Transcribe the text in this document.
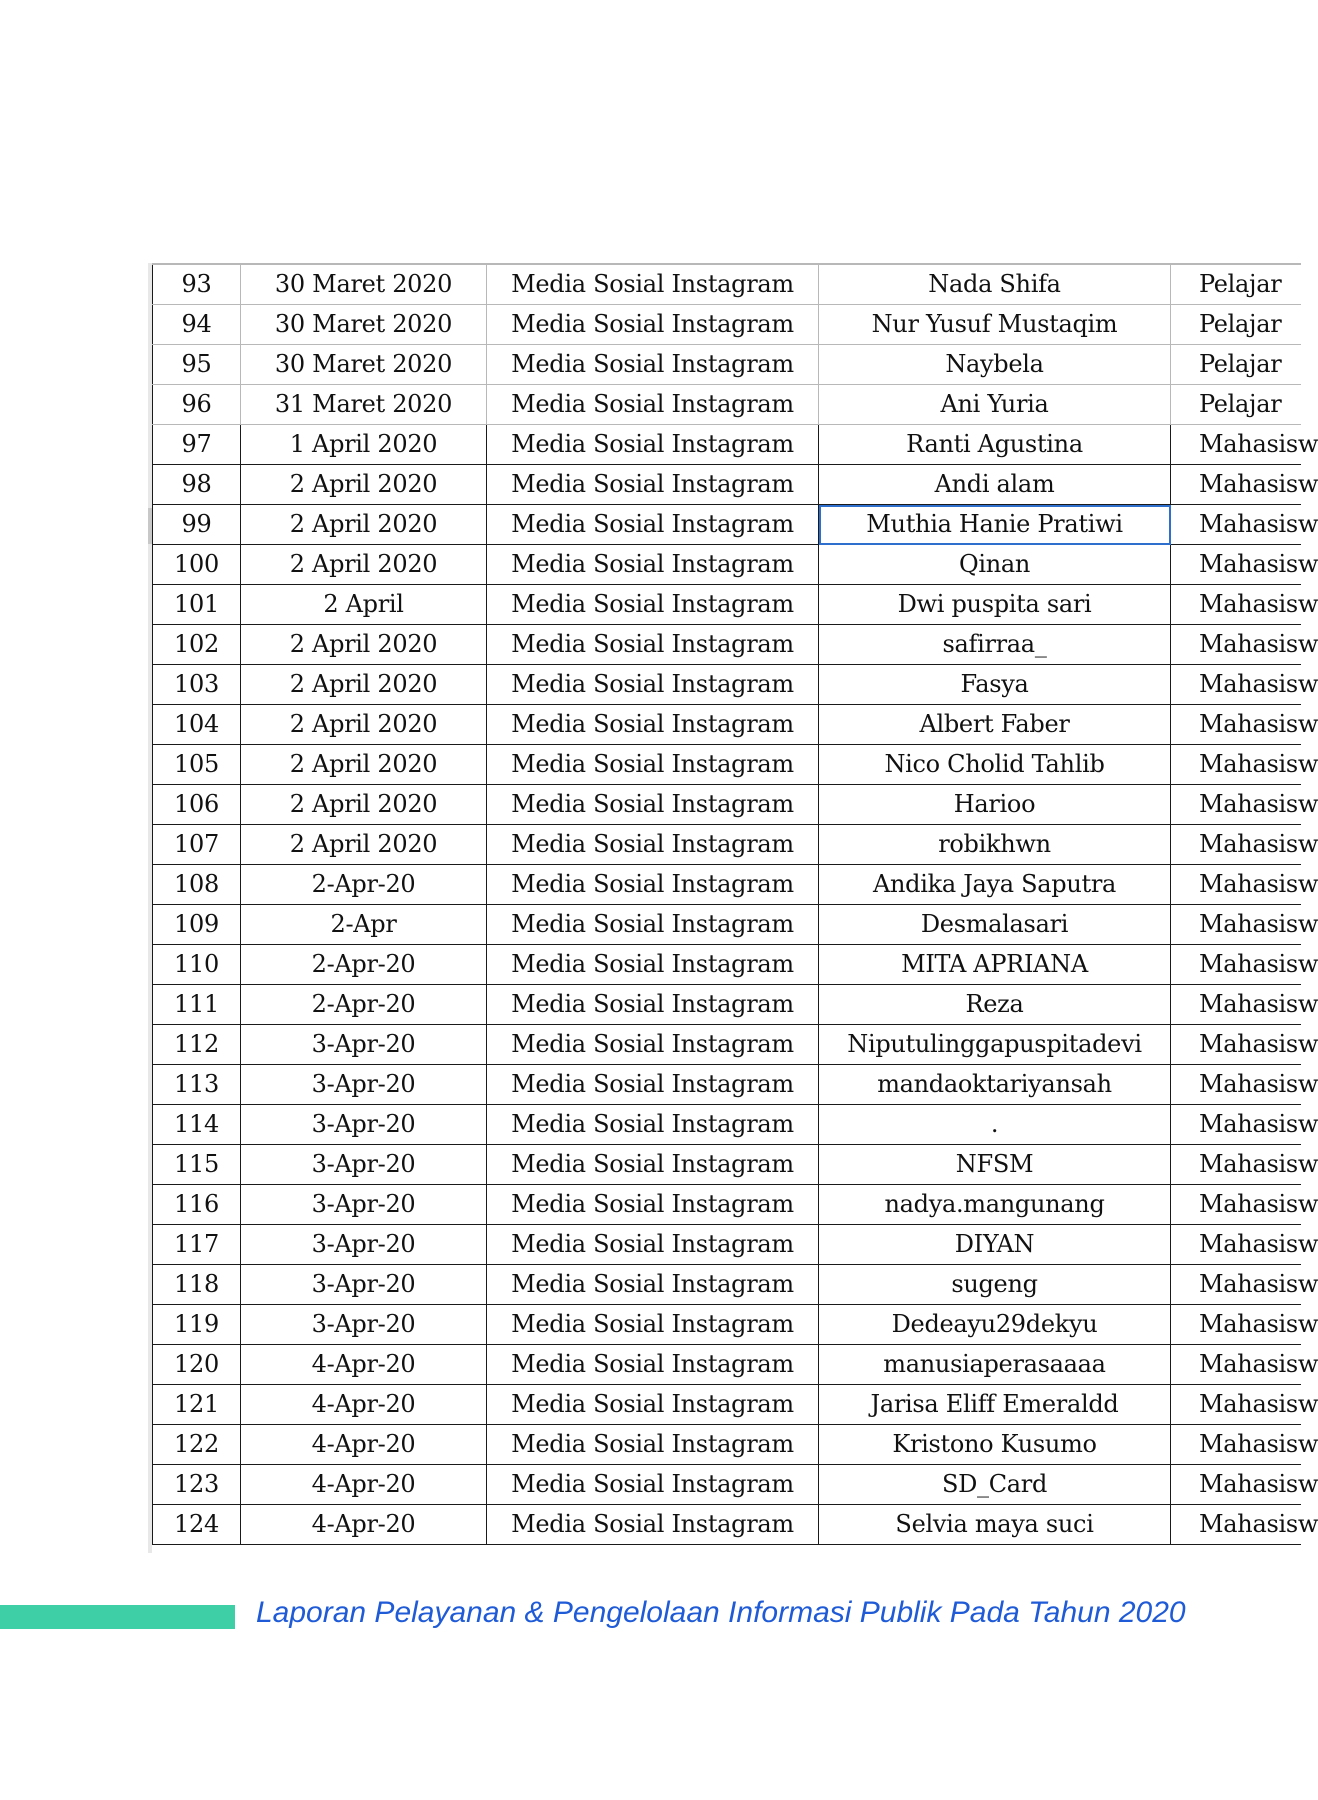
93	30 Maret 2020	Media Sosial Instagram	Nada Shifa	Pelajar
94	30 Maret 2020	Media Sosial Instagram	Nur Yusuf Mustaqim	Pelajar
95	30 Maret 2020	Media Sosial Instagram	Naybela	Pelajar
96	31 Maret 2020	Media Sosial Instagram	Ani Yuria	Pelajar
97	1 April 2020	Media Sosial Instagram	Ranti Agustina	Mahasisw
98	2 April 2020	Media Sosial Instagram	Andi alam	Mahasisw
99	2 April 2020	Media Sosial Instagram	Muthia Hanie Pratiwi	Mahasisw
100	2 April 2020	Media Sosial Instagram	Qinan	Mahasisw
101	2 April	Media Sosial Instagram	Dwi puspita sari	Mahasisw
102	2 April 2020	Media Sosial Instagram	safirraa_	Mahasisw
103	2 April 2020	Media Sosial Instagram	Fasya	Mahasisw
104	2 April 2020	Media Sosial Instagram	Albert Faber	Mahasisw
105	2 April 2020	Media Sosial Instagram	Nico Cholid Tahlib	Mahasisw
106	2 April 2020	Media Sosial Instagram	Harioo	Mahasisw
107	2 April 2020	Media Sosial Instagram	robikhwn	Mahasisw
108	2-Apr-20	Media Sosial Instagram	Andika Jaya Saputra	Mahasisw
109	2-Apr	Media Sosial Instagram	Desmalasari	Mahasisw
110	2-Apr-20	Media Sosial Instagram	MITA APRIANA	Mahasisw
111	2-Apr-20	Media Sosial Instagram	Reza	Mahasisw
112	3-Apr-20	Media Sosial Instagram	Niputulinggapuspitadevi	Mahasisw
113	3-Apr-20	Media Sosial Instagram	mandaoktariyansah	Mahasisw
114	3-Apr-20	Media Sosial Instagram	.	Mahasisw
115	3-Apr-20	Media Sosial Instagram	NFSM	Mahasisw
116	3-Apr-20	Media Sosial Instagram	nadya.mangunang	Mahasisw
117	3-Apr-20	Media Sosial Instagram	DIYAN	Mahasisw
118	3-Apr-20	Media Sosial Instagram	sugeng	Mahasisw
119	3-Apr-20	Media Sosial Instagram	Dedeayu29dekyu	Mahasisw
120	4-Apr-20	Media Sosial Instagram	manusiaperasaaaa	Mahasisw
121	4-Apr-20	Media Sosial Instagram	Jarisa Eliff Emeraldd	Mahasisw
122	4-Apr-20	Media Sosial Instagram	Kristono Kusumo	Mahasisw
123	4-Apr-20	Media Sosial Instagram	SD_Card	Mahasisw
124	4-Apr-20	Media Sosial Instagram	Selvia maya suci	Mahasisw
Laporan Pelayanan & Pengelolaan Informasi Publik Pada Tahun 2020
